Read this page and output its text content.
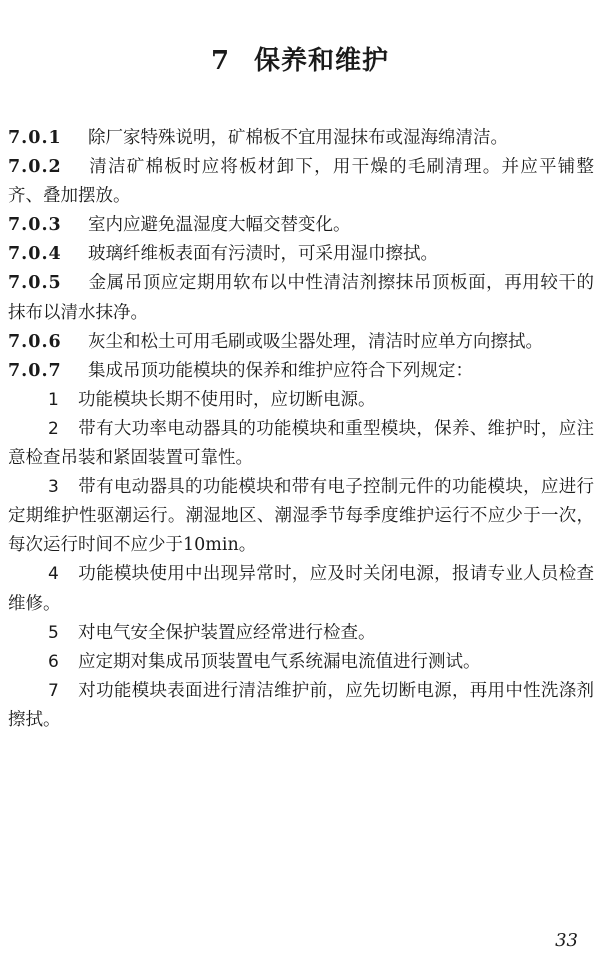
7 保养和维护

7.0.1 除厂家特殊说明，矿棉板不宜用湿抹布或湿海绵清洁。

7.0.2 清洁矿棉板时应将板材卸下，用干燥的毛刷清理。并应平铺整齐、叠加摆放。

7.0.3 室内应避免温湿度大幅交替变化。

7.0.4 玻璃纤维板表面有污渍时，可采用湿巾擦拭。

7.0.5 金属吊顶应定期用软布以中性清洁剂擦抹吊顶板面，再用较干的抹布以清水抹净。

7.0.6 灰尘和松土可用毛刷或吸尘器处理，清洁时应单方向擦拭。

7.0.7 集成吊顶功能模块的保养和维护应符合下列规定：

1 功能模块长期不使用时，应切断电源。

2 带有大功率电动器具的功能模块和重型模块，保养、维护时，应注意检查吊装和紧固装置可靠性。

3 带有电动器具的功能模块和带有电子控制元件的功能模块，应进行定期维护性驱潮运行。潮湿地区、潮湿季节每季度维护运行不应少于一次，每次运行时间不应少于10min。

4 功能模块使用中出现异常时，应及时关闭电源，报请专业人员检查维修。

5 对电气安全保护装置应经常进行检查。

6 应定期对集成吊顶装置电气系统漏电流值进行测试。

7 对功能模块表面进行清洁维护前，应先切断电源，再用中性洗涤剂擦拭。

33
